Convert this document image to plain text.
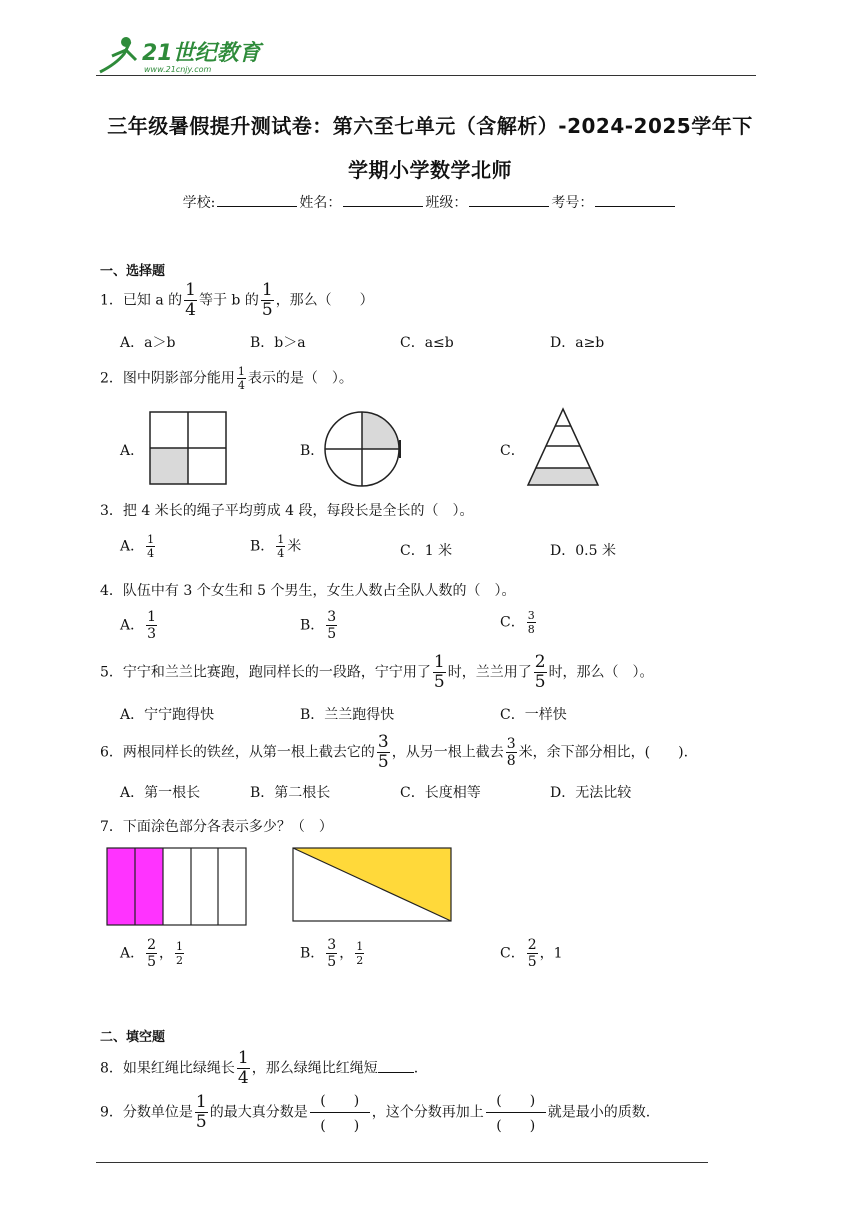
21世纪教育
www.21cnjy.com
三年级暑假提升测试卷：第六至七单元（含解析）-2024-2025学年下
学期小学数学北师
学校:	姓名：	班级：	考号：
一、选择题
1．已知 a 的 $\frac{1}{4}$ 等于 b 的 $\frac{1}{5}$ ，那么（　　）
A．a＞b	B．b＞a	C．a≤b	D．a≥b
2．图中阴影部分能用 $\frac{1}{4}$ 表示的是（　）。
A．	B．	C．
3．把 4 米长的绳子平均剪成 4 段，每段长是全长的（　）。
A． $\frac{1}{4}$	B． $\frac{1}{4}$ 米	C．1 米	D．0.5 米
4．队伍中有 3 个女生和 5 个男生，女生人数占全队人数的（　）。
A． $\frac{1}{3}$	B． $\frac{3}{5}$	C． $\frac{3}{8}$
5．宁宁和兰兰比赛跑，跑同样长的一段路，宁宁用了 $\frac{1}{5}$ 时，兰兰用了 $\frac{2}{5}$ 时，那么（　）。
A．宁宁跑得快	B．兰兰跑得快	C．一样快
6．两根同样长的铁丝，从第一根上截去它的 $\frac{3}{5}$ ，从另一根上截去 $\frac{3}{8}$ 米，余下部分相比，(　　).
A．第一根长	B．第二根长	C．长度相等	D．无法比较
7．下面涂色部分各表示多少？（　）
A． $\frac{2}{5}$ ， $\frac{1}{2}$	B． $\frac{3}{5}$ ， $\frac{1}{2}$	C． $\frac{2}{5}$ ，1
二、填空题
8．如果红绳比绿绳长 $\frac{1}{4}$ ，那么绿绳比红绳短	.
9．分数单位是 $\frac{1}{5}$ 的最大真分数是 $\frac{( )}{( )}$ ，这个分数再加上 $\frac{( )}{( )}$ 就是最小的质数.
